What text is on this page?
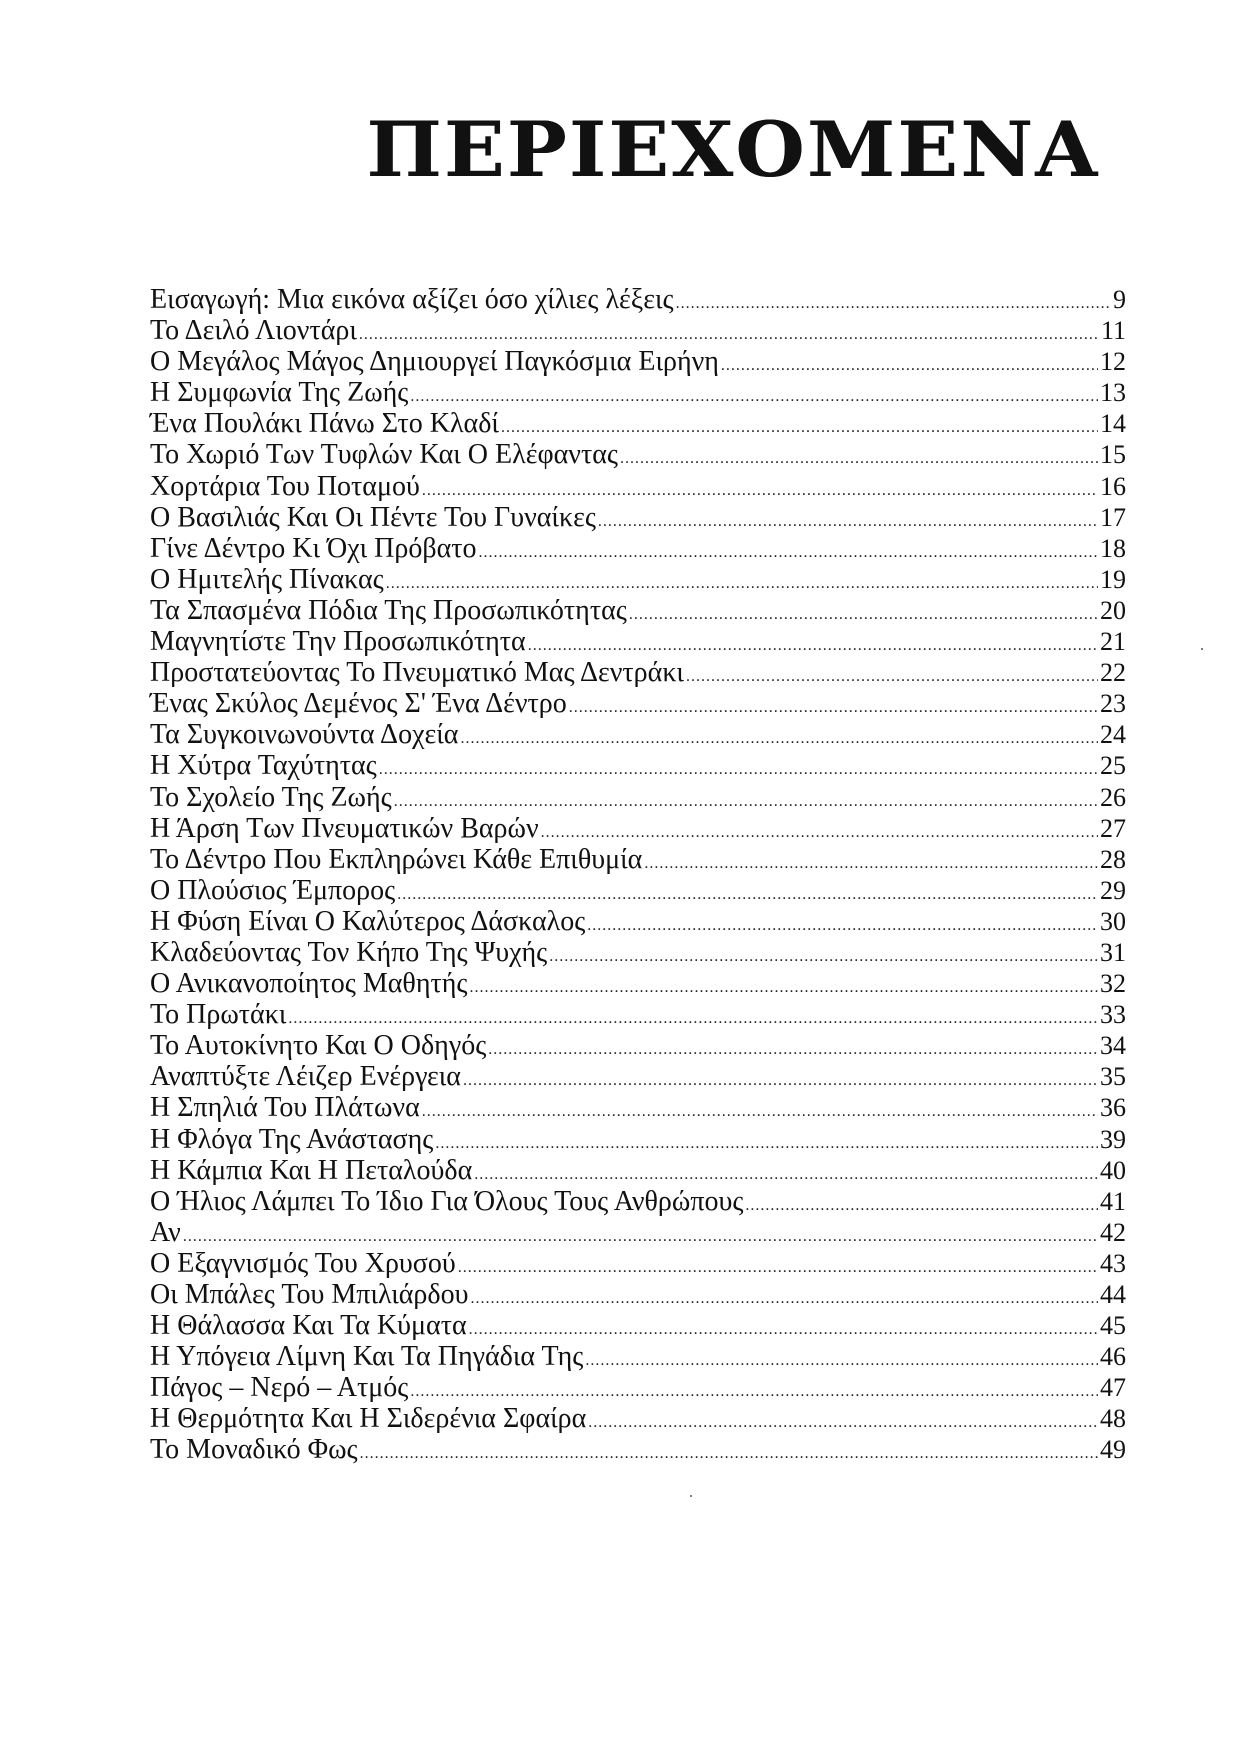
ΠΕΡΙΕΧΟΜΕΝΑ
Εισαγωγή: Μια εικόνα αξίζει όσο χίλιες λέξεις .....	9
Το Δειλό Λιοντάρι .....	11
Ο Μεγάλος Μάγος Δημιουργεί Παγκόσμια Ειρήνη .....	12
Η Συμφωνία Της Ζωής .....	13
Ένα Πουλάκι Πάνω Στο Κλαδί .....	14
Το Χωριό Των Τυφλών Και Ο Ελέφαντας .....	15
Χορτάρια Του Ποταμού .....	16
Ο Βασιλιάς Και Οι Πέντε Του Γυναίκες .....	17
Γίνε Δέντρο Κι Όχι Πρόβατο .....	18
Ο Ημιτελής Πίνακας .....	19
Τα Σπασμένα Πόδια Της Προσωπικότητας .....	20
Μαγνητίστε Την Προσωπικότητα .....	21
Προστατεύοντας Το Πνευματικό Μας Δεντράκι .....	22
Ένας Σκύλος Δεμένος Σ' Ένα Δέντρο .....	23
Τα Συγκοινωνούντα Δοχεία .....	24
Η Χύτρα Ταχύτητας .....	25
Το Σχολείο Της Ζωής .....	26
Η Άρση Των Πνευματικών Βαρών .....	27
Το Δέντρο Που Εκπληρώνει Κάθε Επιθυμία .....	28
Ο Πλούσιος Έμπορος .....	29
Η Φύση Είναι Ο Καλύτερος Δάσκαλος .....	30
Κλαδεύοντας Τον Κήπο Της Ψυχής .....	31
Ο Ανικανοποίητος Μαθητής .....	32
Το Πρωτάκι .....	33
Το Αυτοκίνητο Και Ο Οδηγός .....	34
Αναπτύξτε Λέιζερ Ενέργεια .....	35
Η Σπηλιά Του Πλάτωνα .....	36
Η Φλόγα Της Ανάστασης .....	39
Η Κάμπια Και Η Πεταλούδα .....	40
Ο Ήλιος Λάμπει Το Ίδιο Για Όλους Τους Ανθρώπους .....	41
Αν .....	42
Ο Εξαγνισμός Του Χρυσού .....	43
Οι Μπάλες Του Μπιλιάρδου .....	44
Η Θάλασσα Και Τα Κύματα .....	45
Η Υπόγεια Λίμνη Και Τα Πηγάδια Της .....	46
Πάγος – Νερό – Ατμός .....	47
Η Θερμότητα Και Η Σιδερένια Σφαίρα .....	48
Το Μοναδικό Φως .....	49
